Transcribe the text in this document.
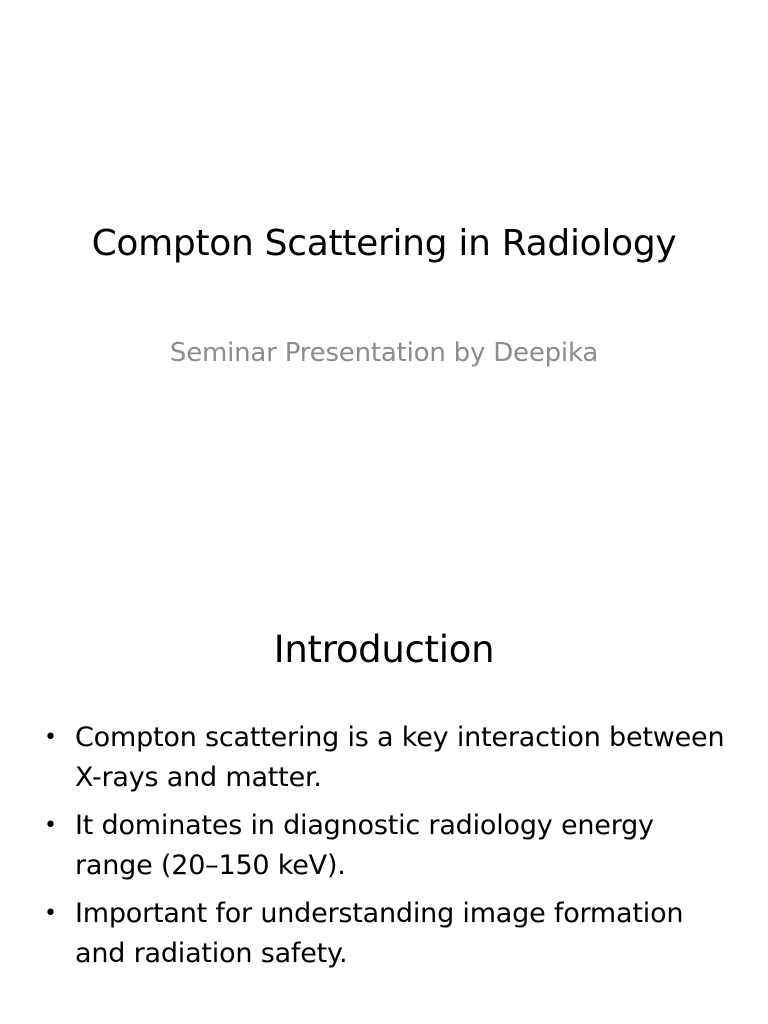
Compton Scattering in Radiology
Seminar Presentation by Deepika
Introduction
• Compton scattering is a key interaction between X-rays and matter.
• It dominates in diagnostic radiology energy range (20–150 keV).
• Important for understanding image formation and radiation safety.
